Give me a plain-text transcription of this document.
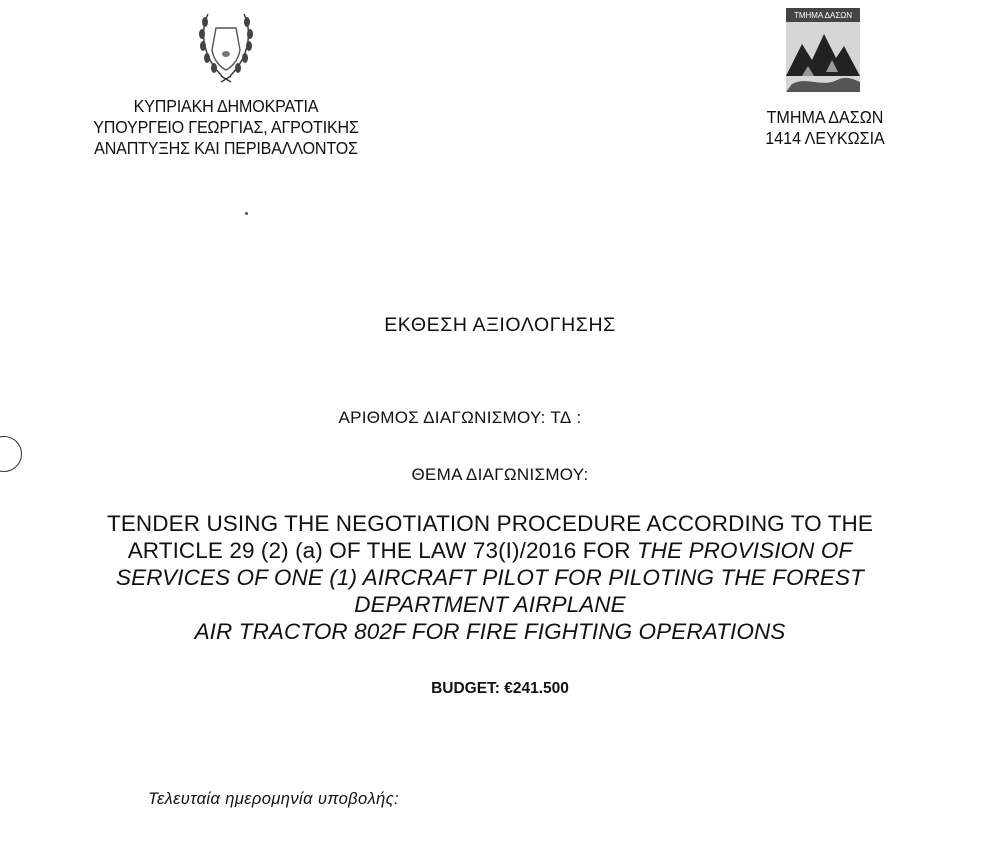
ΚΥΠΡΙΑΚΗ ΔΗΜΟΚΡΑΤΙΑ
ΥΠΟΥΡΓΕΙΟ ΓΕΩΡΓΙΑΣ, ΑΓΡΟΤΙΚΗΣ
ΑΝΑΠΤΥΞΗΣ ΚΑΙ ΠΕΡΙΒΑΛΛΟΝΤΟΣ
ΤΜΗΜΑ ΔΑΣΩΝ
ΤΜΗΜΑ ΔΑΣΩΝ
1414 ΛΕΥΚΩΣΙΑ
ΕΚΘΕΣΗ ΑΞΙΟΛΟΓΗΣΗΣ
ΑΡΙΘΜΟΣ ΔΙΑΓΩΝΙΣΜΟΥ: ΤΔ :
ΘΕΜΑ ΔΙΑΓΩΝΙΣΜΟΥ:
TENDER USING THE NEGOTIATION PROCEDURE ACCORDING TO THE
ARTICLE 29 (2) (a) OF THE LAW 73(I)/2016 FOR THE PROVISION OF
SERVICES OF ONE (1) AIRCRAFT PILOT FOR PILOTING THE FOREST
DEPARTMENT AIRPLANE
AIR TRACTOR 802F FOR FIRE FIGHTING OPERATIONS
BUDGET: €241.500
Τελευταία ημερομηνία υποβολής:
